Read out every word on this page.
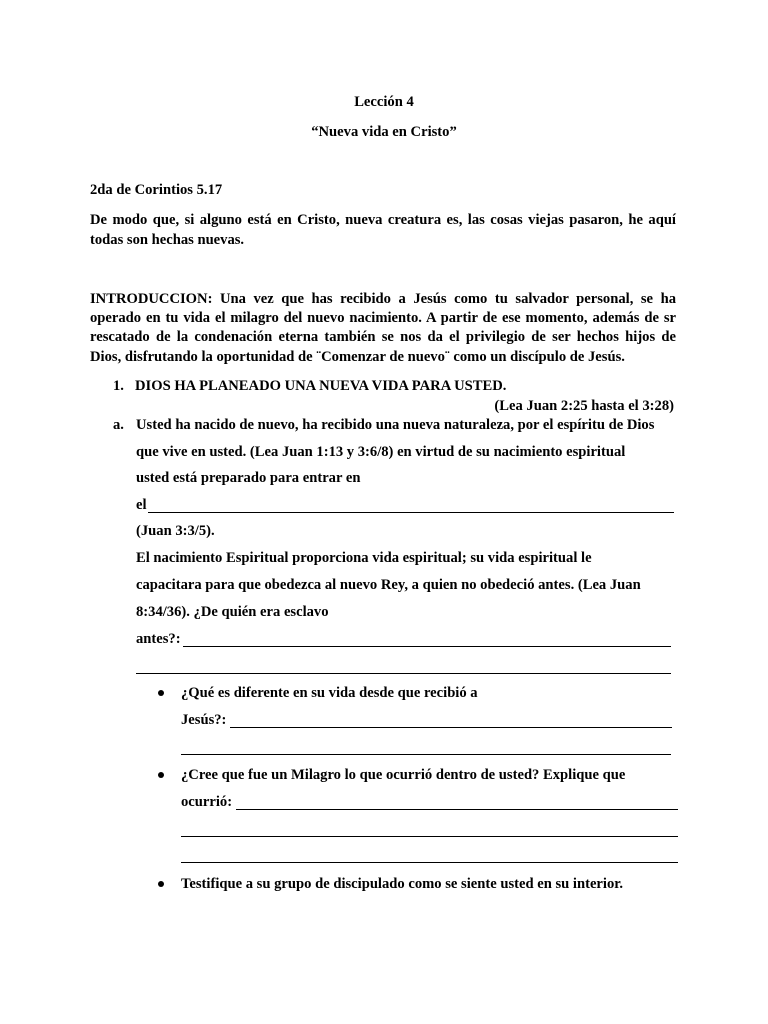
Lección 4
“Nueva vida en Cristo”
2da de Corintios 5.17
De modo que, si alguno está en Cristo, nueva creatura es, las cosas viejas pasaron, he aquí
todas son hechas nuevas.
INTRODUCCION: Una vez que has recibido a Jesús como tu salvador personal, se ha
operado en tu vida el milagro del nuevo nacimiento. A partir de ese momento, además de sr
rescatado de la condenación eterna también se nos da el privilegio de ser hechos hijos de
Dios, disfrutando la oportunidad de ¨Comenzar de nuevo¨ como un discípulo de Jesús.
1. DIOS HA PLANEADO UNA NUEVA VIDA PARA USTED.
(Lea Juan 2:25 hasta el 3:28)
a. Usted ha nacido de nuevo, ha recibido una nueva naturaleza, por el espíritu de Dios
que vive en usted. (Lea Juan 1:13 y 3:6/8) en virtud de su nacimiento espiritual
usted está preparado para entrar en
el
(Juan 3:3/5).
El nacimiento Espiritual proporciona vida espiritual; su vida espiritual le
capacitara para que obedezca al nuevo Rey, a quien no obedeció antes. (Lea Juan
8:34/36). ¿De quién era esclavo
antes?:
¿Qué es diferente en su vida desde que recibió a
Jesús?:
¿Cree que fue un Milagro lo que ocurrió dentro de usted? Explique que
ocurrió:
Testifique a su grupo de discipulado como se siente usted en su interior.
